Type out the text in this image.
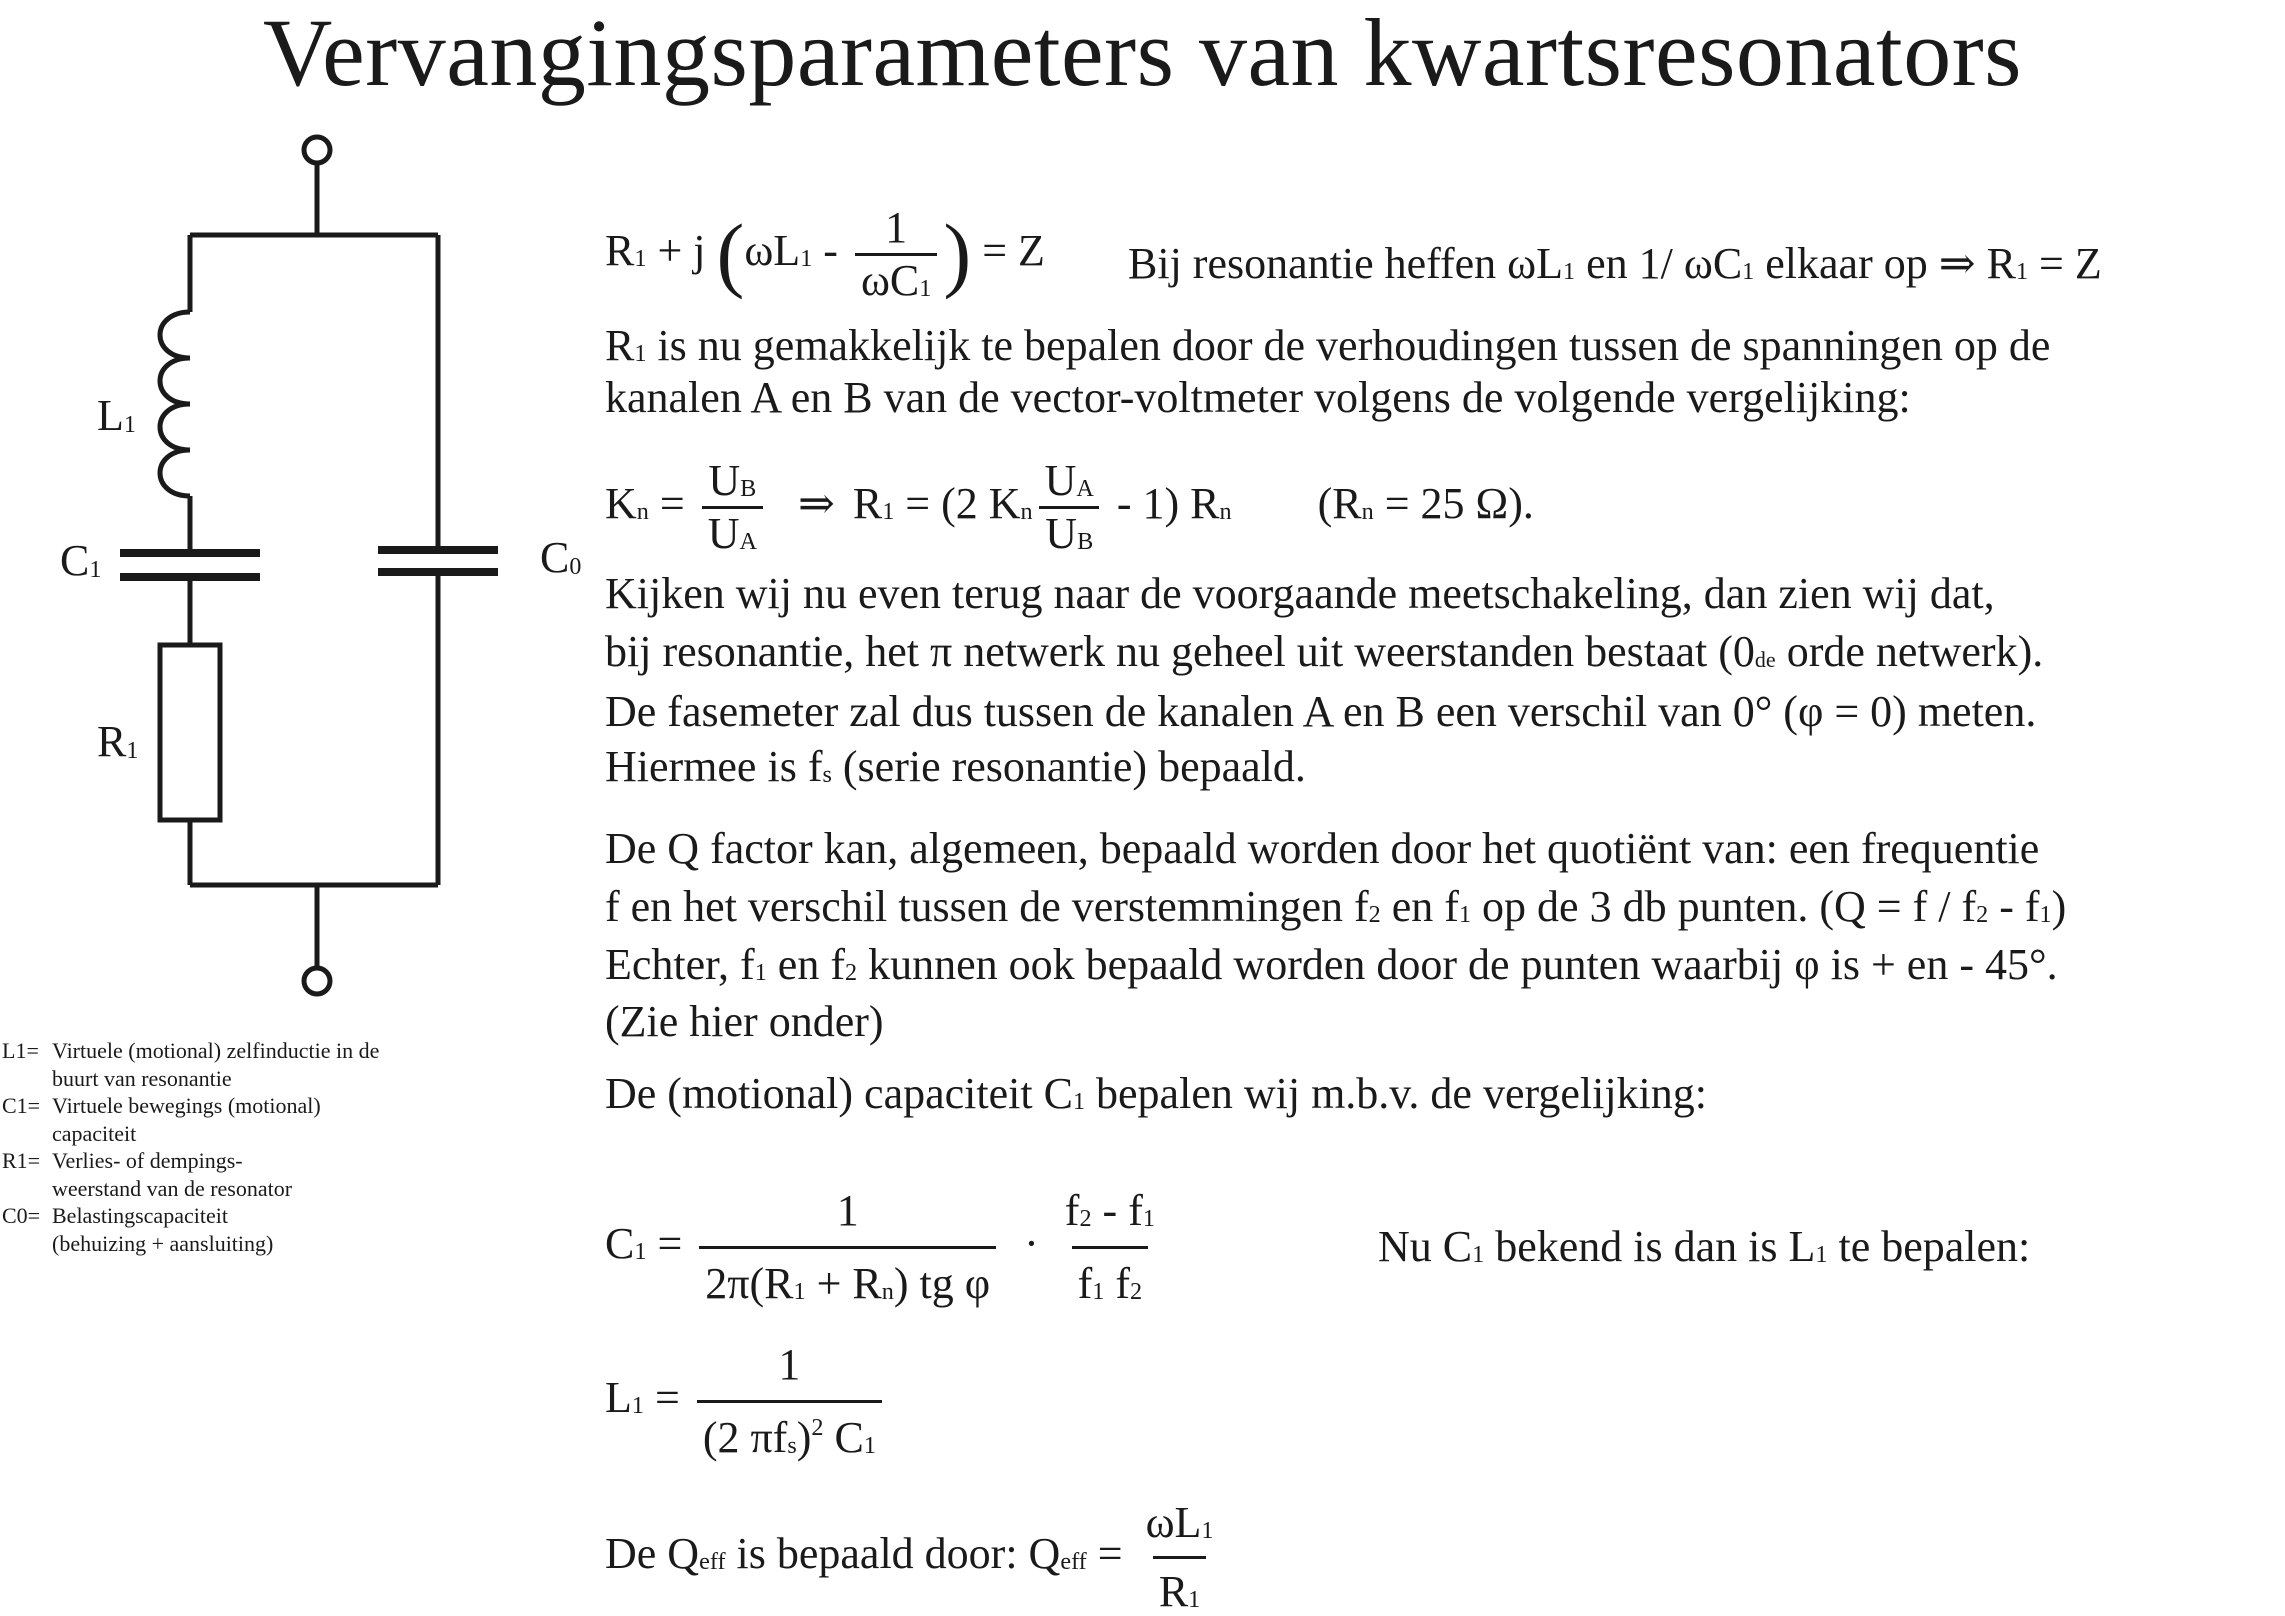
Vervangingsparameters van kwartsresonators
L1
C1	C0
R1
L1= Virtuele (motional) zelfinductie in de
buurt van resonantie
C1= Virtuele bewegings (motional)
capaciteit
R1= Verlies- of dempings-
weerstand van de resonator
C0= Belastingscapaciteit
(behuizing + aansluiting)
R1 + j ($\omega L1 - \frac{1}{\omega C1}$ ) = Z Bij resonantie heffen ωL1 en 1/ ωC1 elkaar op ⇒ R1 = Z
R1 is nu gemakkelijk te bepalen door de verhoudingen tussen de spanningen op de
kanalen A en B van de vector-voltmeter volgens de volgende vergelijking:
$Kn = \frac{UB}{UA}$ ⇒ R1 = (2 Kn $\frac{UA}{UB} - 1$) Rn (Rn = 25 Ω).
Kijken wij nu even terug naar de voorgaande meetschakeling, dan zien wij dat,
bij resonantie, het π netwerk nu geheel uit weerstanden bestaat (0de orde netwerk).
De fasemeter zal dus tussen de kanalen A en B een verschil van 0° (φ = 0) meten.
Hiermee is fs (serie resonantie) bepaald.
De Q factor kan, algemeen, bepaald worden door het quotiënt van: een frequentie
f en het verschil tussen de verstemmingen f2 en f1 op de 3 db punten. (Q = f / f2 - f1)
Echter, f1 en f2 kunnen ook bepaald worden door de punten waarbij φ is + en - 45°.
(Zie hier onder)
De (motional) capaciteit C1 bepalen wij m.b.v. de vergelijking:
$C1 = \frac{1}{\text{2π(R1 + Rn) tg φ}} \cdot \frac{f2 - f1}{f1 f2}$	Nu C1 bekend is dan is L1 te bepalen:
$L1 = \frac{1}{(2 \pi fs)^2 C1}$
De Qeff is bepaald door: Qeff = $\frac{\omega L1}{R1}$
